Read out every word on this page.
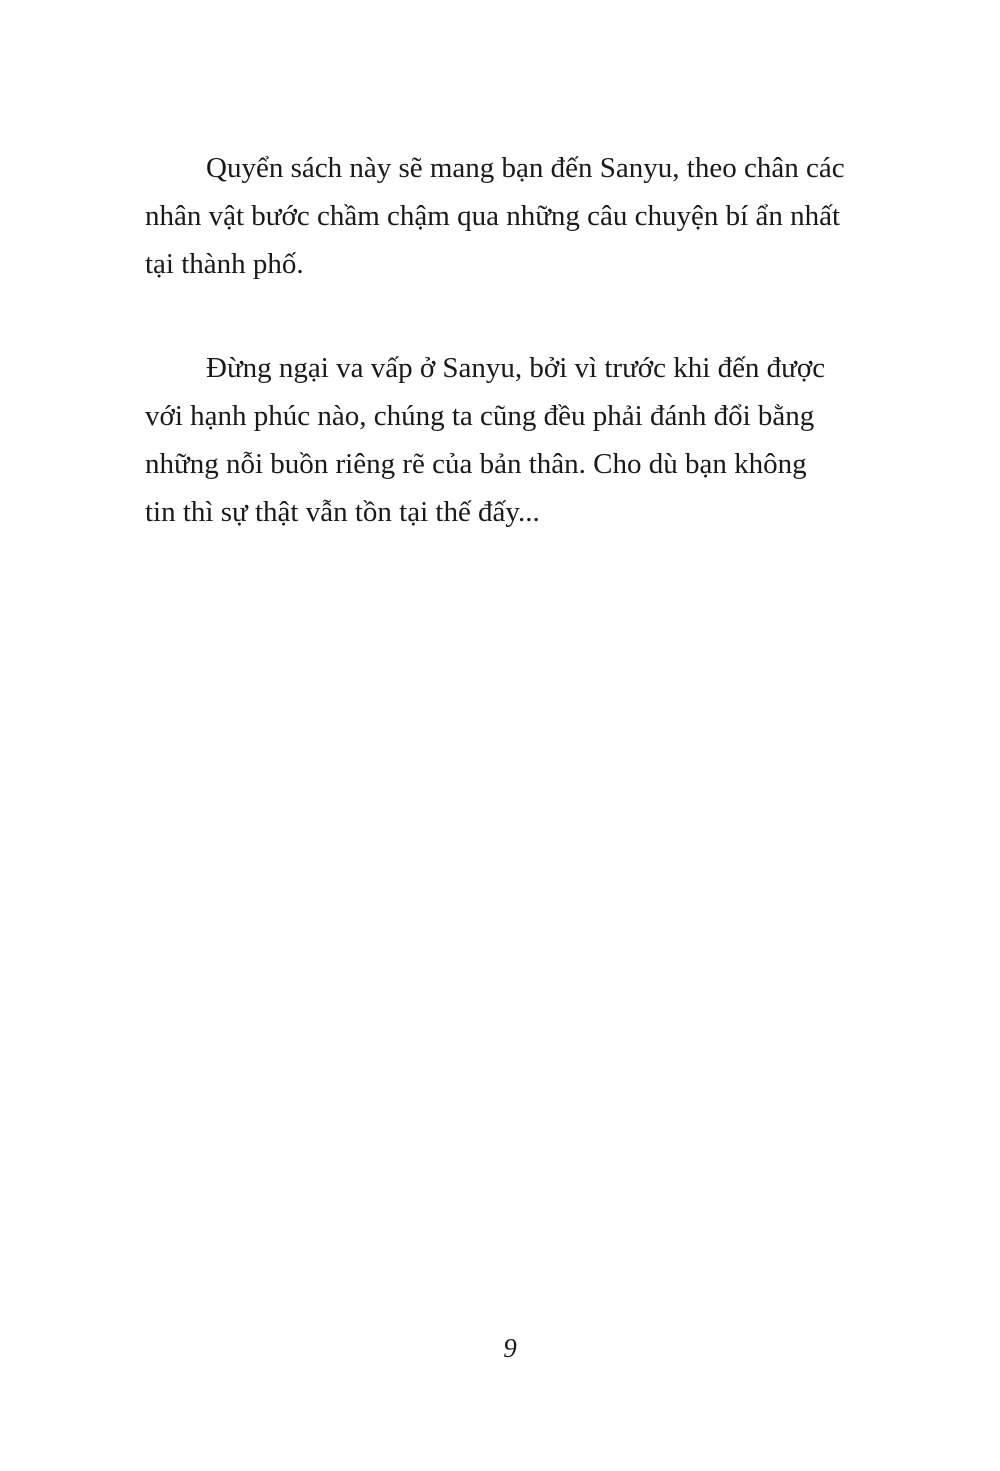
Quyển sách này sẽ mang bạn đến Sanyu, theo chân các
nhân vật bước chầm chậm qua những câu chuyện bí ẩn nhất
tại thành phố.

Đừng ngại va vấp ở Sanyu, bởi vì trước khi đến được
với hạnh phúc nào, chúng ta cũng đều phải đánh đổi bằng
những nỗi buồn riêng rẽ của bản thân. Cho dù bạn không
tin thì sự thật vẫn tồn tại thế đấy...

9
